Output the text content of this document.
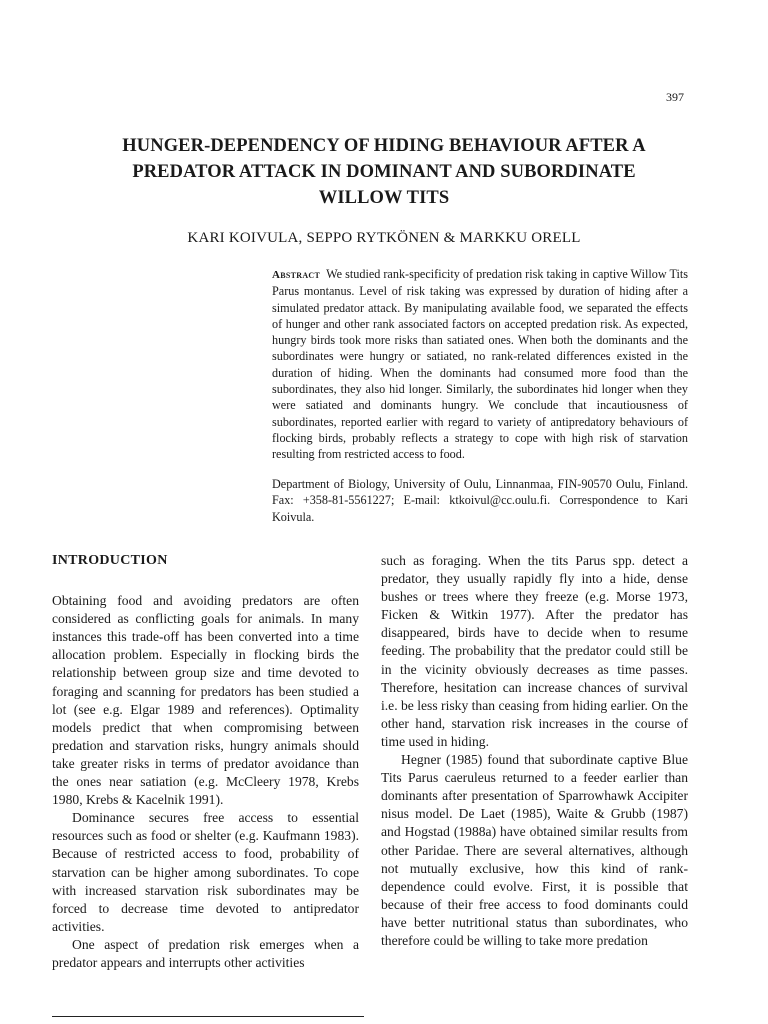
397
HUNGER-DEPENDENCY OF HIDING BEHAVIOUR AFTER A
PREDATOR ATTACK IN DOMINANT AND SUBORDINATE
WILLOW TITS
KARI KOIVULA, SEPPO RYTKÖNEN & MARKKU ORELL
Abstract We studied rank-specificity of predation risk taking in captive Willow Tits Parus montanus. Level of risk taking was expressed by duration of hiding after a simulated predator attack. By manipulating available food, we separated the effects of hunger and other rank associated factors on accepted predation risk. As expected, hungry birds took more risks than satiated ones. When both the dominants and the subordinates were hungry or satiated, no rank-related differences existed in the duration of hiding. When the dominants had consumed more food than the subordinates, they also hid longer. Similarly, the subordinates hid longer when they were satiated and dominants hungry. We conclude that incautiousness of subordinates, reported earlier with regard to variety of antipredatory behaviours of flocking birds, probably reflects a strategy to cope with high risk of starvation resulting from restricted access to food.
Department of Biology, University of Oulu, Linnanmaa, FIN-90570 Oulu, Finland. Fax: +358-81-5561227; E-mail: ktkoivul@cc.oulu.fi. Correspondence to Kari Koivula.
INTRODUCTION

Obtaining food and avoiding predators are often considered as conflicting goals for animals. In many instances this trade-off has been converted into a time allocation problem. Especially in flocking birds the relationship between group size and time devoted to foraging and scanning for predators has been studied a lot (see e.g. Elgar 1989 and references). Optimality models predict that when compromising between predation and starvation risks, hungry animals should take greater risks in terms of predator avoidance than the ones near satiation (e.g. McCleery 1978, Krebs 1980, Krebs & Kacelnik 1991).

Dominance secures free access to essential resources such as food or shelter (e.g. Kaufmann 1983). Because of restricted access to food, probability of starvation can be higher among subordinates. To cope with increased starvation risk subordinates may be forced to decrease time devoted to antipredator activities.

One aspect of predation risk emerges when a predator appears and interrupts other activities

such as foraging. When the tits Parus spp. detect a predator, they usually rapidly fly into a hide, dense bushes or trees where they freeze (e.g. Morse 1973, Ficken & Witkin 1977). After the predator has disappeared, birds have to decide when to resume feeding. The probability that the predator could still be in the vicinity obviously decreases as time passes. Therefore, hesitation can increase chances of survival i.e. be less risky than ceasing from hiding earlier. On the other hand, starvation risk increases in the course of time used in hiding.

Hegner (1985) found that subordinate captive Blue Tits Parus caeruleus returned to a feeder earlier than dominants after presentation of Sparrowhawk Accipiter nisus model. De Laet (1985), Waite & Grubb (1987) and Hogstad (1988a) have obtained similar results from other Paridae. There are several alternatives, although not mutually exclusive, how this kind of rank-dependence could evolve. First, it is possible that because of their free access to food dominants could have better nutritional status than subordinates, who therefore could be willing to take more predation
